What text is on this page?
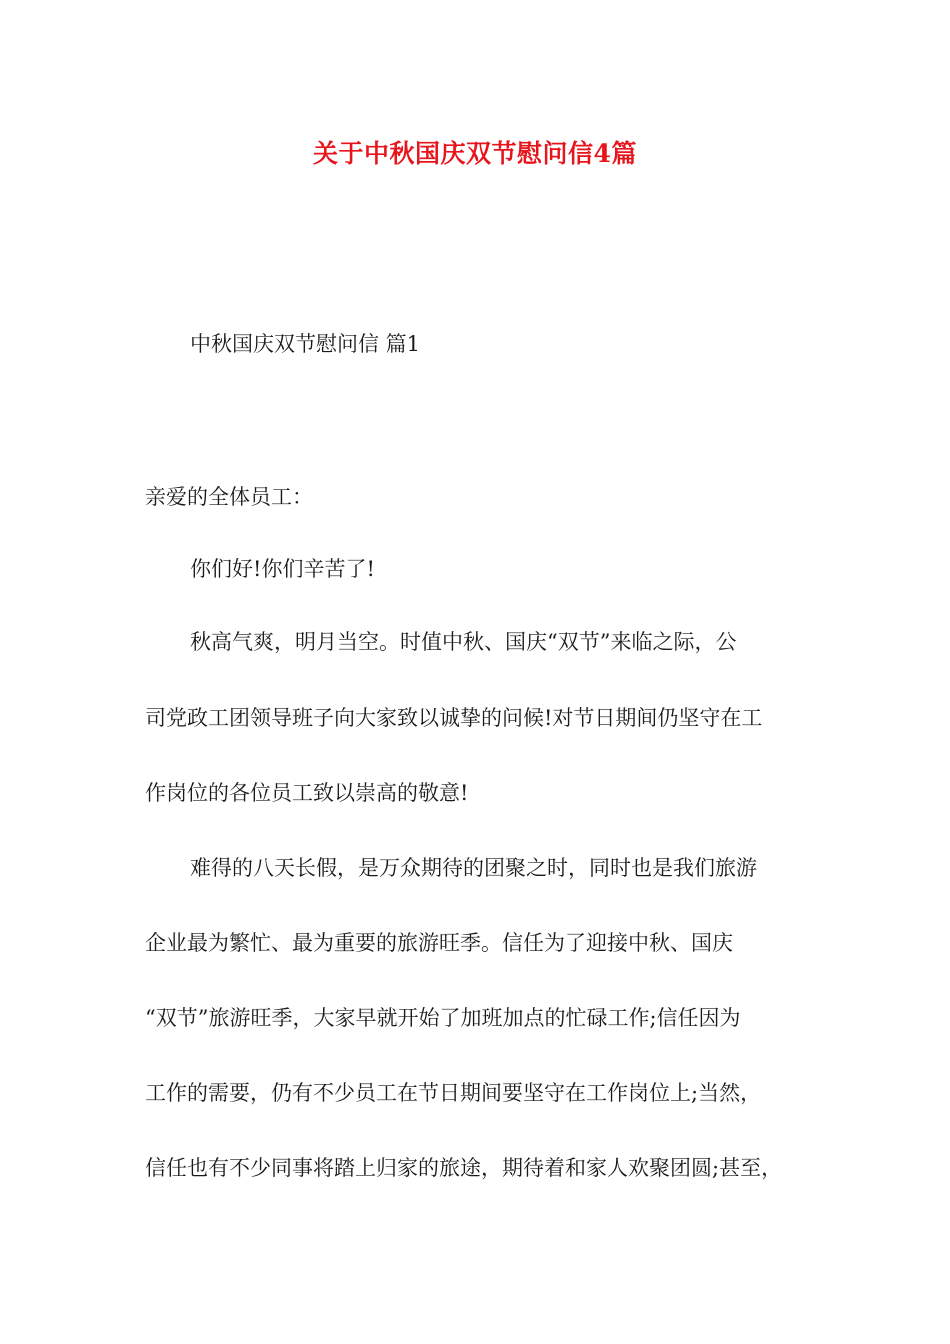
关于中秋国庆双节慰问信4篇
中秋国庆双节慰问信 篇1

亲爱的全体员工：

你们好!你们辛苦了!

秋高气爽，明月当空。时值中秋、国庆“双节”来临之际，公

司党政工团领导班子向大家致以诚挚的问候!对节日期间仍坚守在工

作岗位的各位员工致以崇高的敬意!

难得的八天长假，是万众期待的团聚之时，同时也是我们旅游

企业最为繁忙、最为重要的旅游旺季。信任为了迎接中秋、国庆

“双节”旅游旺季，大家早就开始了加班加点的忙碌工作;信任因为

工作的需要，仍有不少员工在节日期间要坚守在工作岗位上;当然，

信任也有不少同事将踏上归家的旅途，期待着和家人欢聚团圆;甚至，
